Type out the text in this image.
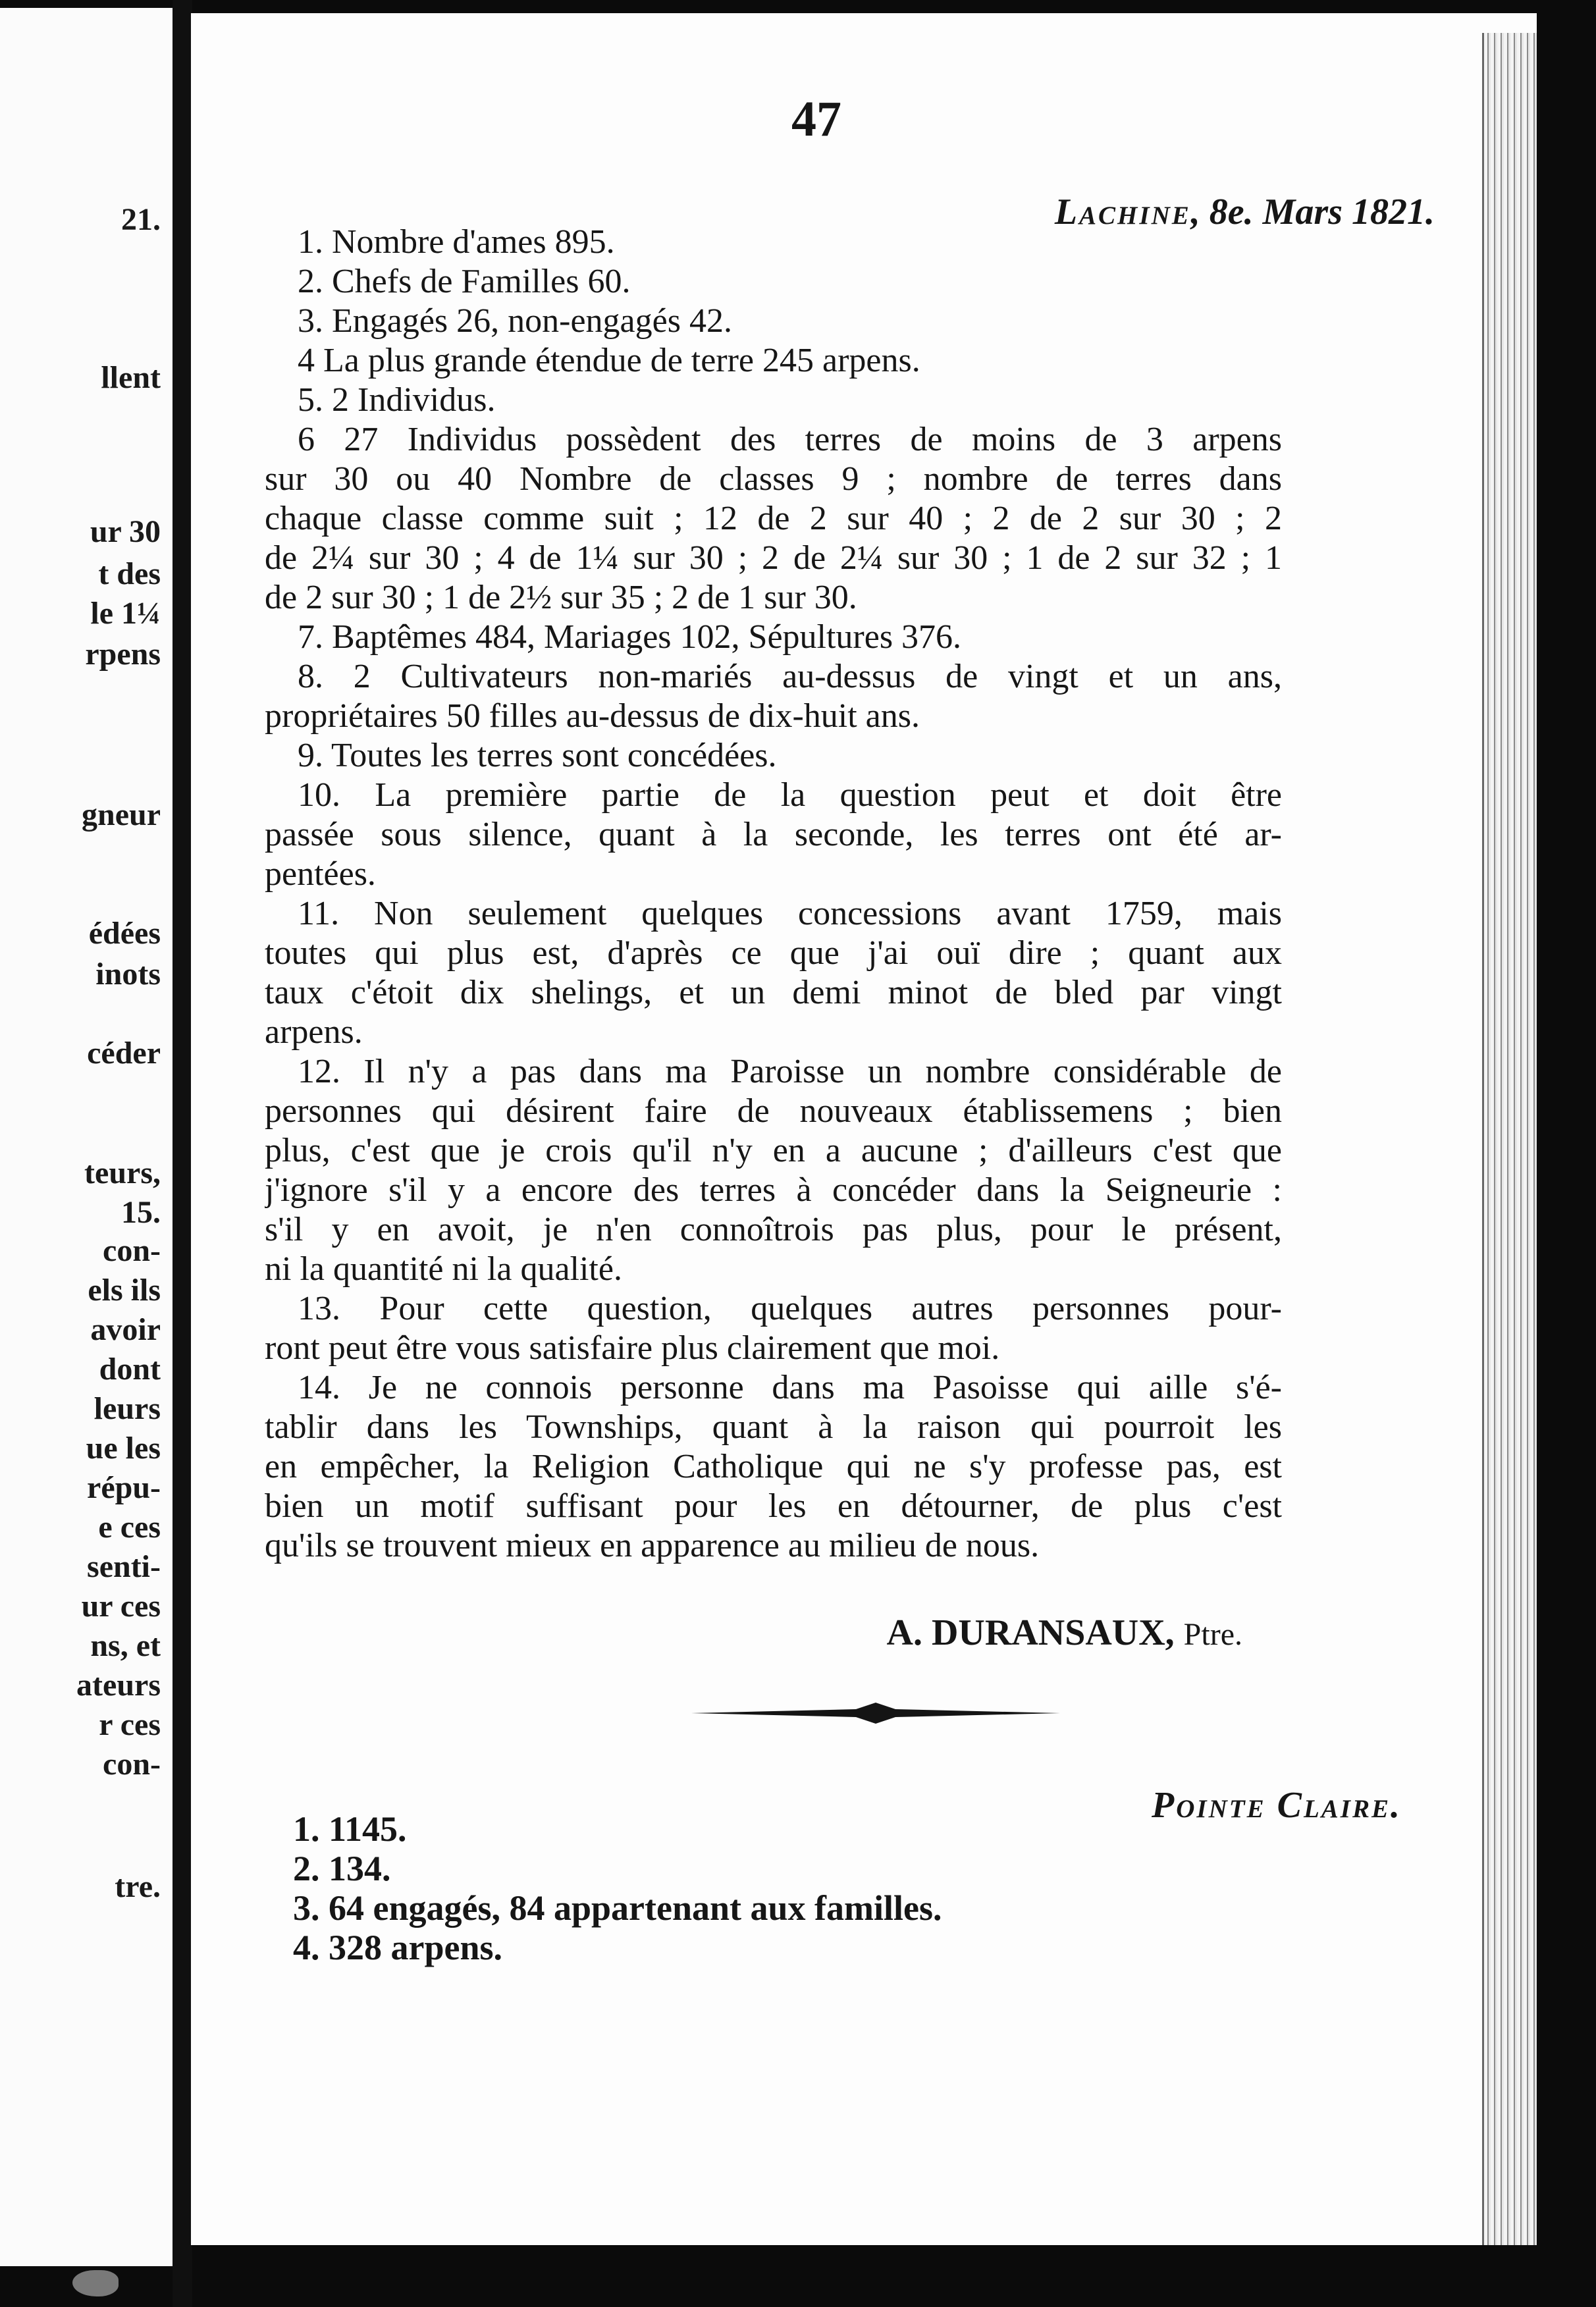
21.
llent
ur 30
t des
le 1¼
rpens
gneur
édées
inots
céder
teurs,
15.
con-
els ils
avoir
dont
leurs
ue les
répu-
e ces
senti-
ur ces
ns, et
ateurs
r ces
con-
tre.
47
Lachine, 8e. Mars 1821.
1. Nombre d'ames 895.
2. Chefs de Familles 60.
3. Engagés 26, non-engagés 42.
4 La plus grande étendue de terre 245 arpens.
5. 2 Individus.
6 27 Individus possèdent des terres de moins de 3 arpens
sur 30 ou 40 Nombre de classes 9 ; nombre de terres dans
chaque classe comme suit ; 12 de 2 sur 40 ; 2 de 2 sur 30 ; 2
de 2¼ sur 30 ; 4 de 1¼ sur 30 ; 2 de 2¼ sur 30 ; 1 de 2 sur 32 ; 1
de 2 sur 30 ; 1 de 2½ sur 35 ; 2 de 1 sur 30.
7. Baptêmes 484, Mariages 102, Sépultures 376.
8. 2 Cultivateurs non-mariés au-dessus de vingt et un ans,
propriétaires 50 filles au-dessus de dix-huit ans.
9. Toutes les terres sont concédées.
10. La première partie de la question peut et doit être
passée sous silence, quant à la seconde, les terres ont été ar-
pentées.
11. Non seulement quelques concessions avant 1759, mais
toutes qui plus est, d'après ce que j'ai ouï dire ; quant aux
taux c'étoit dix shelings, et un demi minot de bled par vingt
arpens.
12. Il n'y a pas dans ma Paroisse un nombre considérable de
personnes qui désirent faire de nouveaux établissemens ; bien
plus, c'est que je crois qu'il n'y en a aucune ; d'ailleurs c'est que
j'ignore s'il y a encore des terres à concéder dans la Seigneurie :
s'il y en avoit, je n'en connoîtrois pas plus, pour le présent,
ni la quantité ni la qualité.
13. Pour cette question, quelques autres personnes pour-
ront peut être vous satisfaire plus clairement que moi.
14. Je ne connois personne dans ma Pasoisse qui aille s'é-
tablir dans les Townships, quant à la raison qui pourroit les
en empêcher, la Religion Catholique qui ne s'y professe pas, est
bien un motif suffisant pour les en détourner, de plus c'est
qu'ils se trouvent mieux en apparence au milieu de nous.
A. DURANSAUX, Ptre.
Pointe Claire.
1. 1145.
2. 134.
3. 64 engagés, 84 appartenant aux familles.
4. 328 arpens.
